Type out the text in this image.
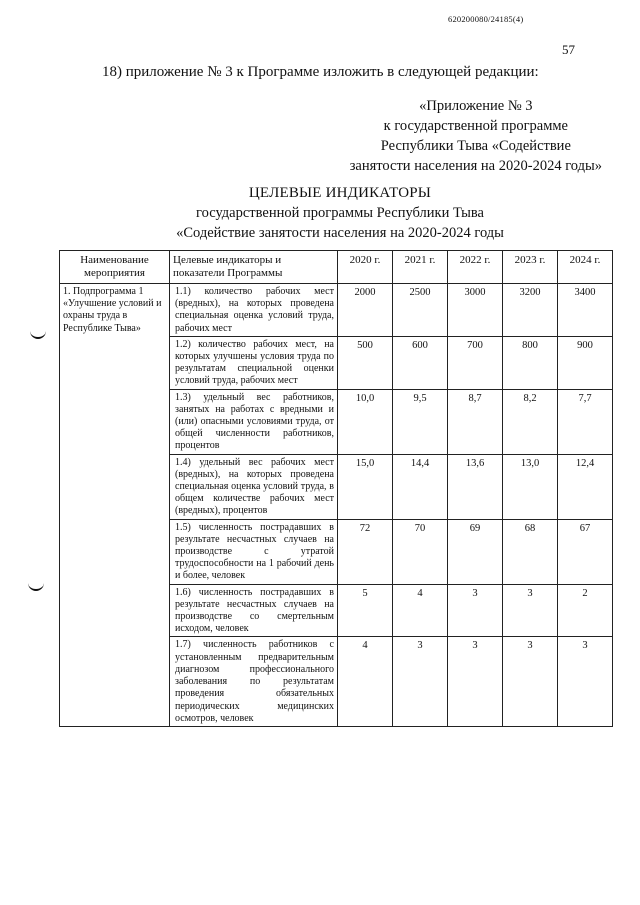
620200080/24185(4)
57
18) приложение № 3 к Программе изложить в следующей редакции:
«Приложение № 3
к государственной программе
Республики Тыва «Содействие
занятости населения на 2020-2024 годы»
ЦЕЛЕВЫЕ ИНДИКАТОРЫ
государственной программы Республики Тыва
«Содействие занятости населения на 2020-2024 годы
Наименование мероприятия	Целевые индикаторы и показатели Программы	2020 г.	2021 г.	2022 г.	2023 г.	2024 г.
1. Подпрограмма 1 «Улучшение условий и охраны труда в Республике Тыва»	1.1) количество рабочих мест (вредных), на которых проведена специальная оценка условий труда, рабочих мест	2000	2500	3000	3200	3400
	1.2) количество рабочих мест, на которых улучшены условия труда по результатам специальной оценки условий труда, рабочих мест	500	600	700	800	900
	1.3) удельный вес работников, занятых на работах с вредными и (или) опасными условиями труда, от общей численности работников, процентов	10,0	9,5	8,7	8,2	7,7
	1.4) удельный вес рабочих мест (вредных), на которых проведена специальная оценка условий труда, в общем количестве рабочих мест (вредных), процентов	15,0	14,4	13,6	13,0	12,4
	1.5) численность пострадавших в результате несчастных случаев на производстве с утратой трудоспособности на 1 рабочий день и более, человек	72	70	69	68	67
	1.6) численность пострадавших в результате несчастных случаев на производстве со смертельным исходом, человек	5	4	3	3	2
	1.7) численность работников с установленным предварительным диагнозом профессионального заболевания по результатам проведения обязательных периодических медицинских осмотров, человек	4	3	3	3	3
